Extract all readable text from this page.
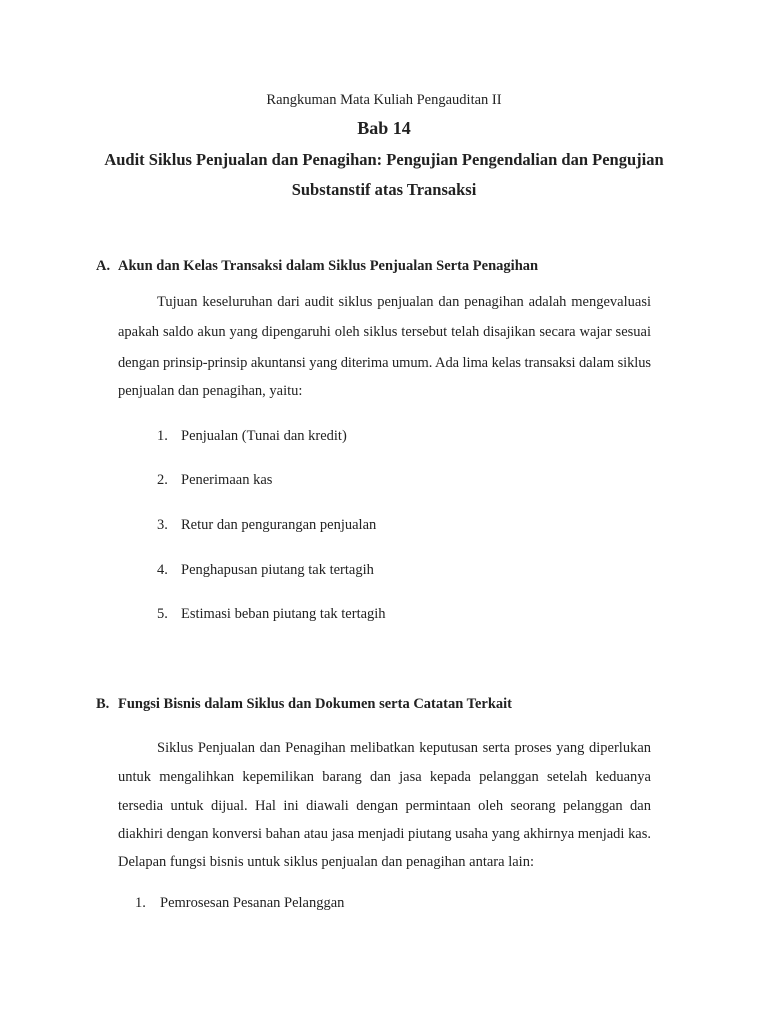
Rangkuman Mata Kuliah Pengauditan II
Bab 14
Audit Siklus Penjualan dan Penagihan: Pengujian Pengendalian dan Pengujian
Substanstif atas Transaksi
A. Akun dan Kelas Transaksi dalam Siklus Penjualan Serta Penagihan
Tujuan keseluruhan dari audit siklus penjualan dan penagihan adalah mengevaluasi
apakah saldo akun yang dipengaruhi oleh siklus tersebut telah disajikan secara wajar sesuai
dengan prinsip-prinsip akuntansi yang diterima umum. Ada lima kelas transaksi dalam siklus
penjualan dan penagihan, yaitu:
1. Penjualan (Tunai dan kredit)
2. Penerimaan kas
3. Retur dan pengurangan penjualan
4. Penghapusan piutang tak tertagih
5. Estimasi beban piutang tak tertagih
B. Fungsi Bisnis dalam Siklus dan Dokumen serta Catatan Terkait
Siklus Penjualan dan Penagihan melibatkan keputusan serta proses yang diperlukan
untuk mengalihkan kepemilikan barang dan jasa kepada pelanggan setelah keduanya
tersedia untuk dijual. Hal ini diawali dengan permintaan oleh seorang pelanggan dan
diakhiri dengan konversi bahan atau jasa menjadi piutang usaha yang akhirnya menjadi kas.
Delapan fungsi bisnis untuk siklus penjualan dan penagihan antara lain:
1. Pemrosesan Pesanan Pelanggan
